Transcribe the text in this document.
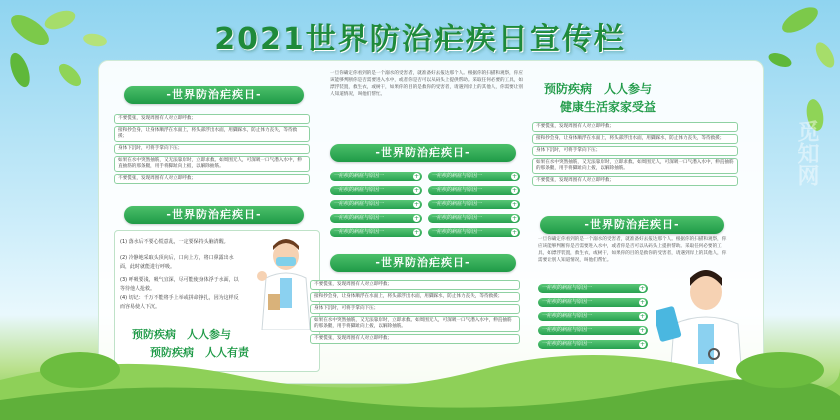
2021世界防治疟疾日宣传栏
觅知网
-世界防治疟疾日-
不要慌张，发现周围有人对立即呼救；
接和抄会身，让身体顺浮在水面上，将头部浮出水面，用脚踩水，防止体力丧失，等待救援；
身体下沉时，可将手掌向下压；
如果在水中突然抽筋，又无法靠岸时，立即求救。如周围无人，可深吸一口气潜入水中，伸直抽筋的那条腿，用手将脚趾向上扳，以解除抽筋。
不要慌张，发现周围有人对立即呼救；
-世界防治疟疾日-
(1) 落水后不要心慌意乱，一定要保持头脑清醒。
(2) 冷静地采取头顶向后，口向上方，将口鼻露出水面，此时就能进行呼吸。
(3) 呼吸要浅，吸气宜深，尽可能使身体浮于水面，以等待他人抢救。
(4) 切记：千万不能将手上举或拼命挣扎，因为这样反而容易使人下沉。
预防疾病　人人参与
预防疾病　人人有责
一旦你确定你看到的是一个溺水的受害者，就准备好去报达那个人。根据你的扫描和观察，你应该能够判断你是否需要进入水中，或者你是否可以从码头上提供帮助。采取任何必要的工具，如漂浮装置，救生衣，或树干，如果你的目的是救你的受害者，请遇到岸上的其他人，你需要让别人知道情况，叫他们帮忙。
-世界防治疟疾日-
一疟疾的病症与原因一	+	一疟疾的病症与原因一	+
一疟疾的病症与原因一	+	一疟疾的病症与原因一	+
一疟疾的病症与原因一	+	一疟疾的病症与原因一	+
一疟疾的病症与原因一	+	一疟疾的病症与原因一	+
一疟疾的病症与原因一	+	一疟疾的病症与原因一	+
-世界防治疟疾日-
不要慌张，发现周围有人对立即呼救；
接和抄会身，让身体顺浮在水面上，将头部浮出水面，用脚踩水，防止体力丧失，等待救援；
身体下沉时，可将手掌向下压；
如果在水中突然抽筋，又无法靠岸时，立即求救。如周围无人，可深吸一口气潜入水中，伸直抽筋的那条腿，用手将脚趾向上扳，以解除抽筋。
不要慌张，发现周围有人对立即呼救；
预防疾病　人人参与
健康生活家家受益
不要慌张，发现周围有人对立即呼救；
接和抄会身，让身体顺浮在水面上，将头部浮出水面，用脚踩水，防止体力丧失，等待救援；
身体下沉时，可将手掌向下压；
如果在水中突然抽筋，又无法靠岸时，立即求救。如周围无人，可深吸一口气潜入水中，伸直抽筋的那条腿，用手将脚趾向上扳，以解除抽筋。
不要慌张，发现周围有人对立即呼救；
-世界防治疟疾日-
一旦你确定你看到的是一个溺水的受害者，就准备好去报达那个人。根据你的扫描和观察，你应该能够判断你是否需要进入水中，或者你是否可以从码头上提供帮助。采取任何必要的工具，如漂浮装置，救生衣，或树干，如果你的目的是救你的受害者，请遇到岸上的其他人，你需要让别人知道情况，叫他们帮忙。
一疟疾的病症与原因一	+
一疟疾的病症与原因一	+
一疟疾的病症与原因一	+
一疟疾的病症与原因一	+
一疟疾的病症与原因一	+
